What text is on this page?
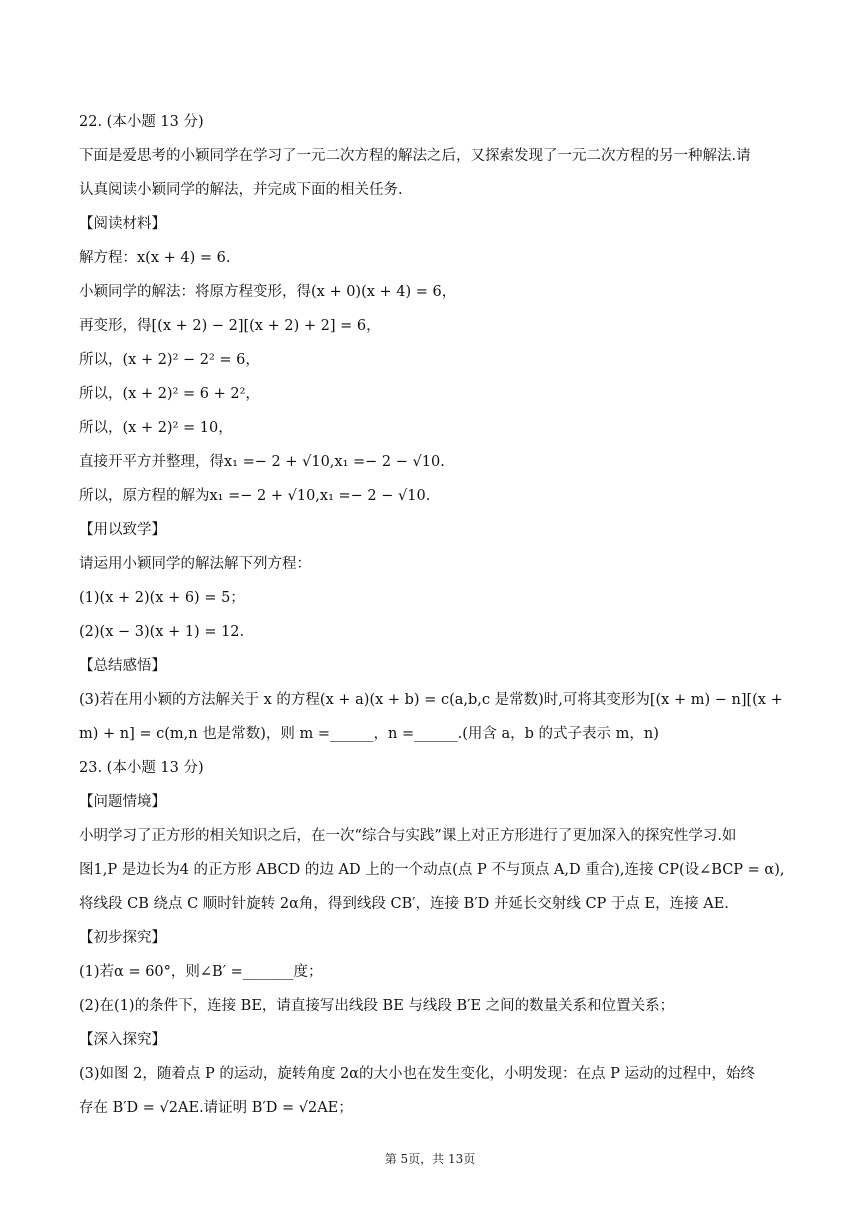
22. (本小题 13 分)
下面是爱思考的小颖同学在学习了一元二次方程的解法之后，又探索发现了一元二次方程的另一种解法.请
认真阅读小颖同学的解法，并完成下面的相关任务.
【阅读材料】
解方程：x(x + 4) = 6.
小颖同学的解法：将原方程变形，得(x + 0)(x + 4) = 6，
再变形，得[(x + 2) − 2][(x + 2) + 2] = 6，
所以，(x + 2)² − 2² = 6，
所以，(x + 2)² = 6 + 2²，
所以，(x + 2)² = 10，
直接开平方并整理，得x₁ =− 2 + √10,x₁ =− 2 − √10.
所以，原方程的解为x₁ =− 2 + √10,x₁ =− 2 − √10.
【用以致学】
请运用小颖同学的解法解下列方程：
(1)(x + 2)(x + 6) = 5；
(2)(x − 3)(x + 1) = 12.
【总结感悟】
(3)若在用小颖的方法解关于 x 的方程(x + a)(x + b) = c(a,b,c 是常数)时,可将其变形为[(x + m) − n][(x +
m) + n] = c(m,n 也是常数)，则 m =______，n =______.(用含 a，b 的式子表示 m，n)
23. (本小题 13 分)
【问题情境】
小明学习了正方形的相关知识之后，在一次“综合与实践”课上对正方形进行了更加深入的探究性学习.如
图1,P 是边长为4 的正方形 ABCD 的边 AD 上的一个动点(点 P 不与顶点 A,D 重合),连接 CP(设∠BCP = α),
将线段 CB 绕点 C 顺时针旋转 2α角，得到线段 CB′，连接 B′D 并延长交射线 CP 于点 E，连接 AE.
【初步探究】
(1)若α = 60°，则∠B′ =_______度；
(2)在(1)的条件下，连接 BE，请直接写出线段 BE 与线段 B′E 之间的数量关系和位置关系；
【深入探究】
(3)如图 2，随着点 P 的运动，旋转角度 2α的大小也在发生变化，小明发现：在点 P 运动的过程中，始终
存在 B′D = √2AE.请证明 B′D = √2AE；
第 5页，共 13页
